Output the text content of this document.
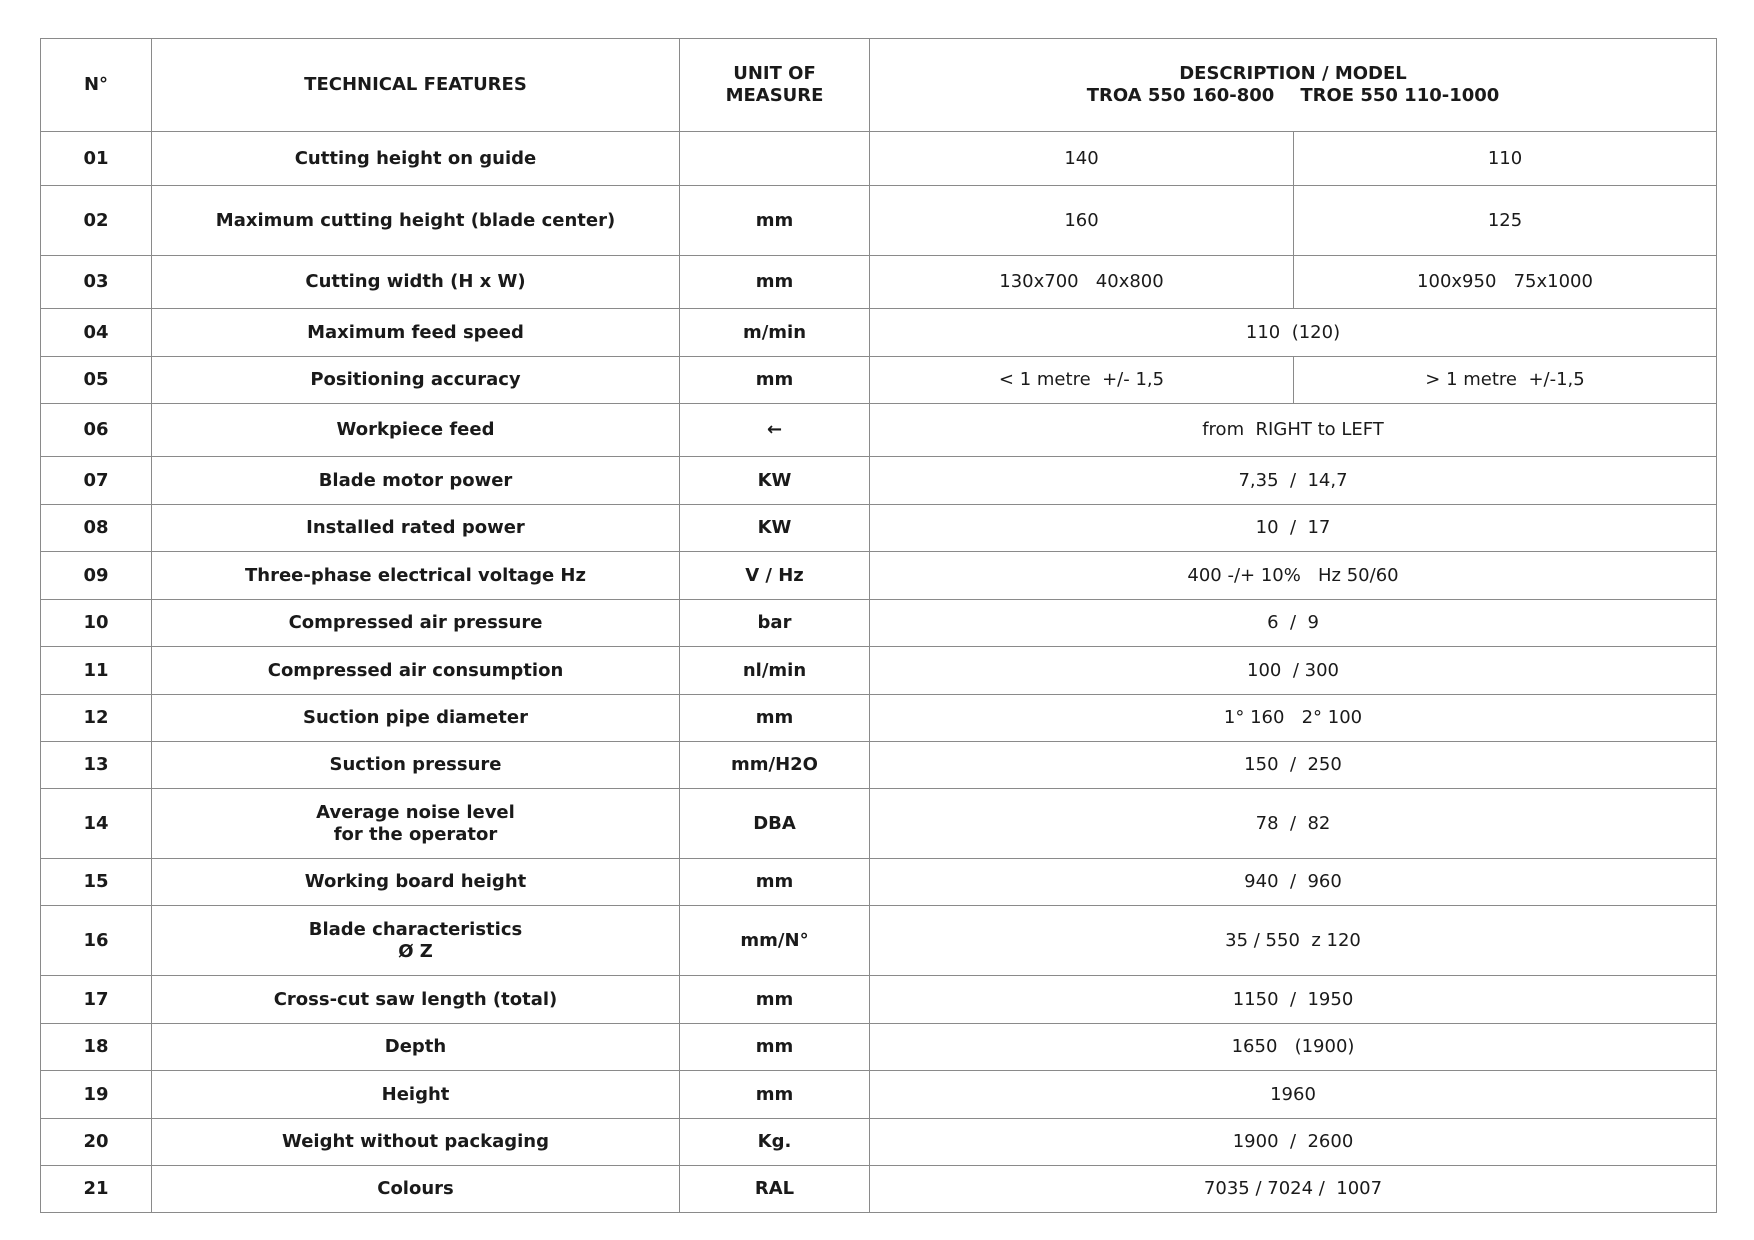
N°	TECHNICAL FEATURES	UNIT OF MEASURE	DESCRIPTION / MODEL
TROA 550 160-800 TROE 550 110-1000	

01	Cutting height on guide		140	110
02	Maximum cutting height (blade center)	mm	160	125
03	Cutting width (H x W)	mm	130x700   40x800	100x950   75x1000
04	Maximum feed speed	m/min	110  (120)	
05	Positioning accuracy	mm	< 1 metre  +/- 1,5	> 1 metre  +/-1,5
06	Workpiece feed	←	from  RIGHT to LEFT	
07	Blade motor power	KW	7,35  /  14,7	
08	Installed rated power	KW	10  /  17	
09	Three-phase electrical voltage Hz	V / Hz	400 -/+ 10%   Hz 50/60	
10	Compressed air pressure	bar	6  /  9	
11	Compressed air consumption	nl/min	100  / 300	
12	Suction pipe diameter	mm	1° 160   2° 100	
13	Suction pressure	mm/H2O	150  /  250	
14	Average noise level
for the operator	DBA	78  /  82	
15	Working board height	mm	940  /  960	
16	Blade characteristics
Ø Z	mm/N°	35 / 550  z 120	
17	Cross-cut saw length (total)	mm	1150  /  1950	
18	Depth	mm	1650   (1900)	
19	Height	mm	1960	
20	Weight without packaging	Kg.	1900  /  2600	
21	Colours	RAL	7035 / 7024 /  1007	
